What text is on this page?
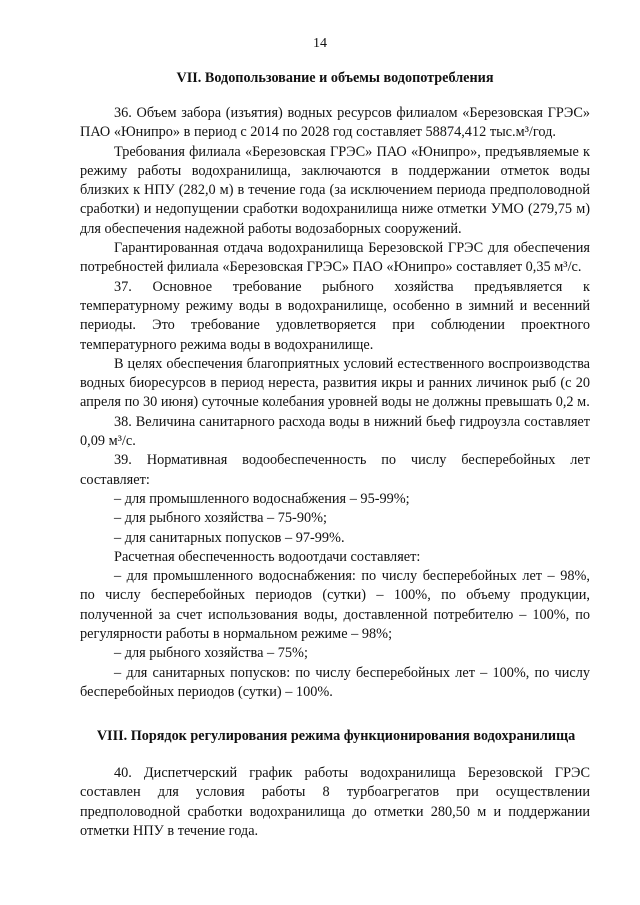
14
VII. Водопользование и объемы водопотребления

36. Объем забора (изъятия) водных ресурсов филиалом «Березовская ГРЭС» ПАО «Юнипро» в период с 2014 по 2028 год составляет 58874,412 тыс.м³/год.

Требования филиала «Березовская ГРЭС» ПАО «Юнипро», предъявляемые к режиму работы водохранилища, заключаются в поддержании отметок воды близких к НПУ (282,0 м) в течение года (за исключением периода предполоводной сработки) и недопущении сработки водохранилища ниже отметки УМО (279,75 м) для обеспечения надежной работы водозаборных сооружений.

Гарантированная отдача водохранилища Березовской ГРЭС для обеспечения потребностей филиала «Березовская ГРЭС» ПАО «Юнипро» составляет 0,35 м³/с.

37. Основное требование рыбного хозяйства предъявляется к температурному режиму воды в водохранилище, особенно в зимний и весенний периоды. Это требование удовлетворяется при соблюдении проектного температурного режима воды в водохранилище.

В целях обеспечения благоприятных условий естественного воспроизводства водных биоресурсов в период нереста, развития икры и ранних личинок рыб (с 20 апреля по 30 июня) суточные колебания уровней воды не должны превышать 0,2 м.

38. Величина санитарного расхода воды в нижний бьеф гидроузла составляет 0,09 м³/с.

39. Нормативная водообеспеченность по числу бесперебойных лет составляет:

– для промышленного водоснабжения – 95-99%;

– для рыбного хозяйства – 75-90%;

– для санитарных попусков – 97-99%.

Расчетная обеспеченность водоотдачи составляет:

– для промышленного водоснабжения: по числу бесперебойных лет – 98%, по числу бесперебойных периодов (сутки) – 100%, по объему продукции, полученной за счет использования воды, доставленной потребителю – 100%, по регулярности работы в нормальном режиме – 98%;

– для рыбного хозяйства – 75%;

– для санитарных попусков: по числу бесперебойных лет – 100%, по числу бесперебойных периодов (сутки) – 100%.

VIII. Порядок регулирования режима функционирования водохранилища

40. Диспетчерский график работы водохранилища Березовской ГРЭС составлен для условия работы 8 турбоагрегатов при осуществлении предполоводной сработки водохранилища до отметки 280,50 м и поддержании отметки НПУ в течение года.
